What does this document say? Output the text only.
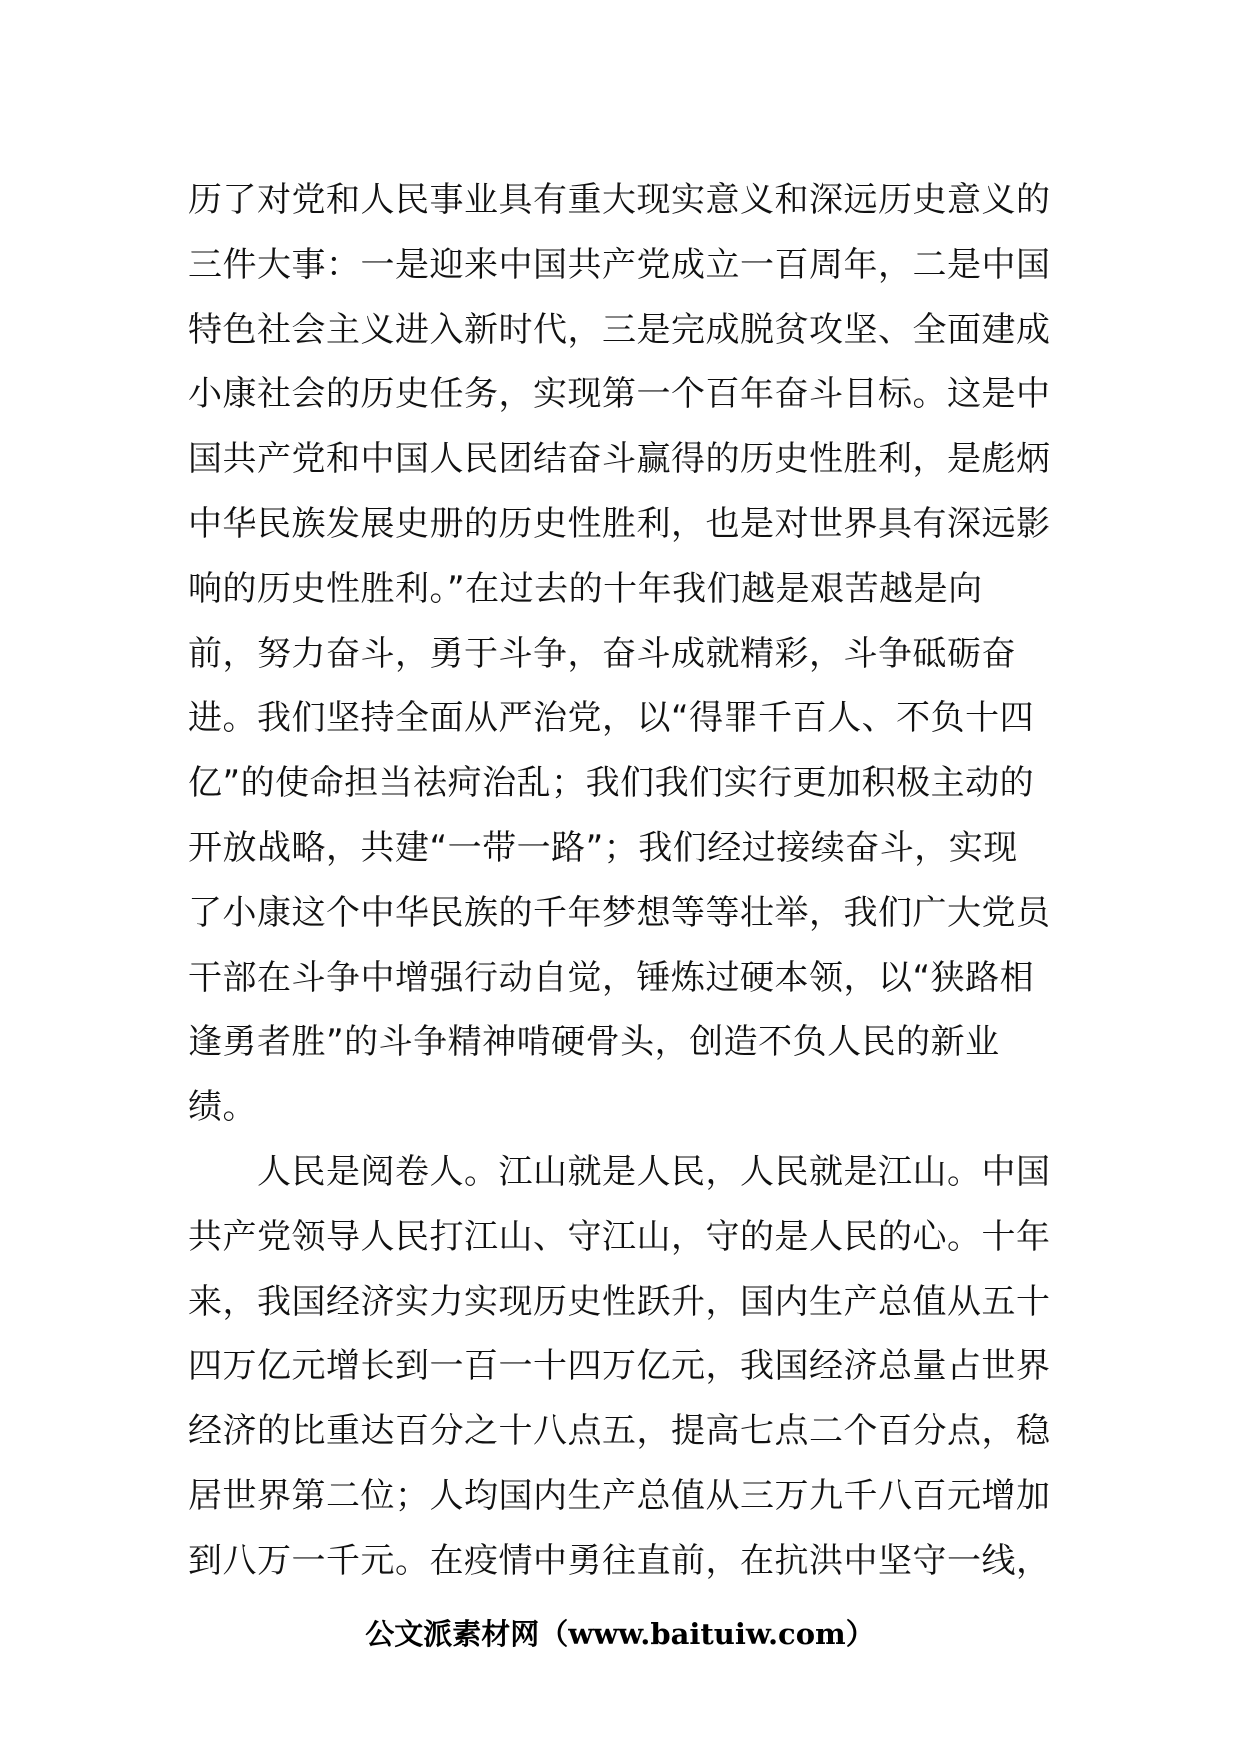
历了对党和人民事业具有重大现实意义和深远历史意义的
三件大事：一是迎来中国共产党成立一百周年，二是中国
特色社会主义进入新时代，三是完成脱贫攻坚、全面建成
小康社会的历史任务，实现第一个百年奋斗目标。这是中
国共产党和中国人民团结奋斗赢得的历史性胜利，是彪炳
中华民族发展史册的历史性胜利，也是对世界具有深远影
响的历史性胜利。”在过去的十年我们越是艰苦越是向
前，努力奋斗，勇于斗争，奋斗成就精彩，斗争砥砺奋
进。我们坚持全面从严治党，以“得罪千百人、不负十四
亿”的使命担当祛疴治乱；我们我们实行更加积极主动的
开放战略，共建“一带一路”；我们经过接续奋斗，实现
了小康这个中华民族的千年梦想等等壮举，我们广大党员
干部在斗争中增强行动自觉，锤炼过硬本领，以“狭路相
逢勇者胜”的斗争精神啃硬骨头，创造不负人民的新业
绩。
　　人民是阅卷人。江山就是人民，人民就是江山。中国
共产党领导人民打江山、守江山，守的是人民的心。十年
来，我国经济实力实现历史性跃升，国内生产总值从五十
四万亿元增长到一百一十四万亿元，我国经济总量占世界
经济的比重达百分之十八点五，提高七点二个百分点，稳
居世界第二位；人均国内生产总值从三万九千八百元增加
到八万一千元。在疫情中勇往直前，在抗洪中坚守一线，
公文派素材网（www.baituiw.com）
